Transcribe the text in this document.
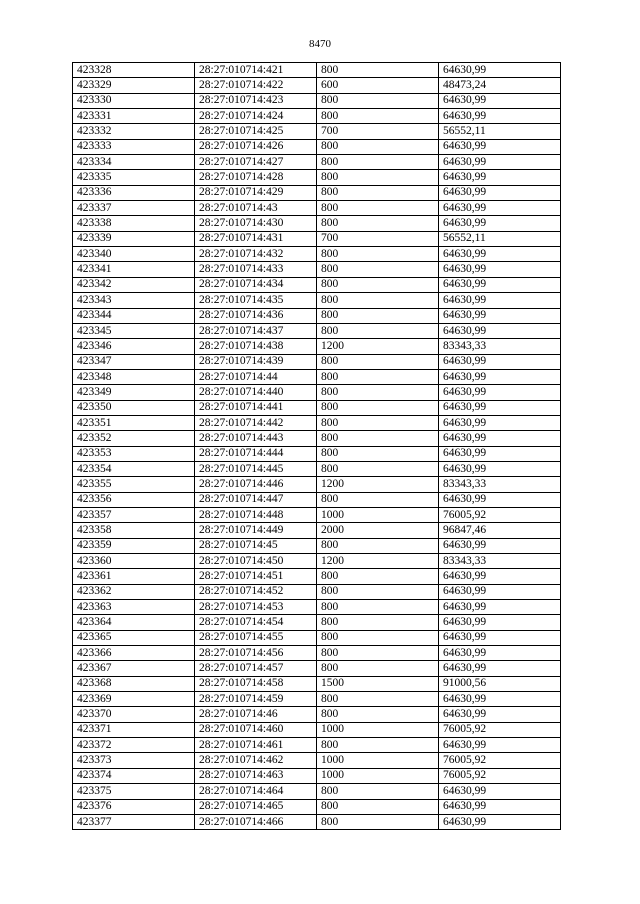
8470
423328	28:27:010714:421	800	64630,99
423329	28:27:010714:422	600	48473,24
423330	28:27:010714:423	800	64630,99
423331	28:27:010714:424	800	64630,99
423332	28:27:010714:425	700	56552,11
423333	28:27:010714:426	800	64630,99
423334	28:27:010714:427	800	64630,99
423335	28:27:010714:428	800	64630,99
423336	28:27:010714:429	800	64630,99
423337	28:27:010714:43	800	64630,99
423338	28:27:010714:430	800	64630,99
423339	28:27:010714:431	700	56552,11
423340	28:27:010714:432	800	64630,99
423341	28:27:010714:433	800	64630,99
423342	28:27:010714:434	800	64630,99
423343	28:27:010714:435	800	64630,99
423344	28:27:010714:436	800	64630,99
423345	28:27:010714:437	800	64630,99
423346	28:27:010714:438	1200	83343,33
423347	28:27:010714:439	800	64630,99
423348	28:27:010714:44	800	64630,99
423349	28:27:010714:440	800	64630,99
423350	28:27:010714:441	800	64630,99
423351	28:27:010714:442	800	64630,99
423352	28:27:010714:443	800	64630,99
423353	28:27:010714:444	800	64630,99
423354	28:27:010714:445	800	64630,99
423355	28:27:010714:446	1200	83343,33
423356	28:27:010714:447	800	64630,99
423357	28:27:010714:448	1000	76005,92
423358	28:27:010714:449	2000	96847,46
423359	28:27:010714:45	800	64630,99
423360	28:27:010714:450	1200	83343,33
423361	28:27:010714:451	800	64630,99
423362	28:27:010714:452	800	64630,99
423363	28:27:010714:453	800	64630,99
423364	28:27:010714:454	800	64630,99
423365	28:27:010714:455	800	64630,99
423366	28:27:010714:456	800	64630,99
423367	28:27:010714:457	800	64630,99
423368	28:27:010714:458	1500	91000,56
423369	28:27:010714:459	800	64630,99
423370	28:27:010714:46	800	64630,99
423371	28:27:010714:460	1000	76005,92
423372	28:27:010714:461	800	64630,99
423373	28:27:010714:462	1000	76005,92
423374	28:27:010714:463	1000	76005,92
423375	28:27:010714:464	800	64630,99
423376	28:27:010714:465	800	64630,99
423377	28:27:010714:466	800	64630,99
